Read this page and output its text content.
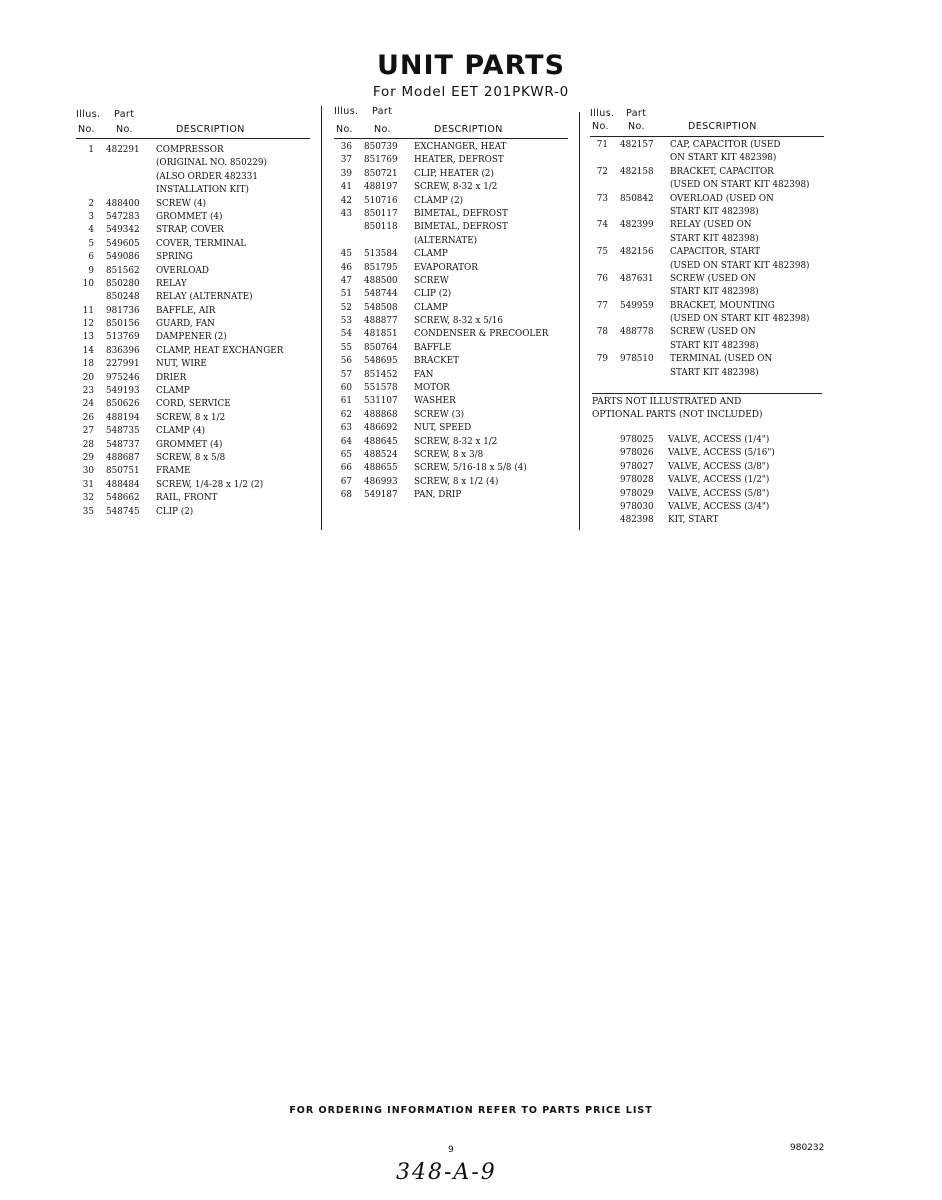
UNIT PARTS
For Model EET 201PKWR-0
Illus. Part
No. No.	DESCRIPTION
1 482291 COMPRESSOR
(ORIGINAL NO. 850229)
(ALSO ORDER 482331
INSTALLATION KIT)
2 488400 SCREW (4)
3 547283 GROMMET (4)
4 549342 STRAP, COVER
5 549605 COVER, TERMINAL
6 549086 SPRING
9 851562 OVERLOAD
10 850280 RELAY
850248 RELAY (ALTERNATE)
11 981736 BAFFLE, AIR
12 850156 GUARD, FAN
13 513769 DAMPENER (2)
14 836396 CLAMP, HEAT EXCHANGER
18 227991 NUT, WIRE
20 975246 DRIER
23 549193 CLAMP
24 850626 CORD, SERVICE
26 488194 SCREW, 8 x 1/2
27 548735 CLAMP (4)
28 548737 GROMMET (4)
29 488687 SCREW, 8 x 5/8
30 850751 FRAME
31 488484 SCREW, 1/4-28 x 1/2 (2)
32 548662 RAIL, FRONT
35 548745 CLIP (2)
Illus. Part
No. No.	DESCRIPTION
36 850739 EXCHANGER, HEAT
37 851769 HEATER, DEFROST
39 850721 CLIP, HEATER (2)
41 488197 SCREW, 8-32 x 1/2
42 510716 CLAMP (2)
43 850117 BIMETAL, DEFROST
850118 BIMETAL, DEFROST
(ALTERNATE)
45 513584 CLAMP
46 851795 EVAPORATOR
47 488500 SCREW
51 548744 CLIP (2)
52 548508 CLAMP
53 488877 SCREW, 8-32 x 5/16
54 481851 CONDENSER & PRECOOLER
55 850764 BAFFLE
56 548695 BRACKET
57 851452 FAN
60 551578 MOTOR
61 531107 WASHER
62 488868 SCREW (3)
63 486692 NUT, SPEED
64 488645 SCREW, 8-32 x 1/2
65 488524 SCREW, 8 x 3/8
66 488655 SCREW, 5/16-18 x 5/8 (4)
67 486993 SCREW, 8 x 1/2 (4)
68 549187 PAN, DRIP
Illus. Part
No. No.	DESCRIPTION
71 482157 CAP, CAPACITOR (USED
ON START KIT 482398)
72 482158 BRACKET, CAPACITOR
(USED ON START KIT 482398)
73 850842 OVERLOAD (USED ON
START KIT 482398)
74 482399 RELAY (USED ON
START KIT 482398)
75 482156 CAPACITOR, START
(USED ON START KIT 482398)
76 487631 SCREW (USED ON
START KIT 482398)
77 549959 BRACKET, MOUNTING
(USED ON START KIT 482398)
78 488778 SCREW (USED ON
START KIT 482398)
79 978510 TERMINAL (USED ON
START KIT 482398)
PARTS NOT ILLUSTRATED AND
OPTIONAL PARTS (NOT INCLUDED)
978025 VALVE, ACCESS (1/4")
978026 VALVE, ACCESS (5/16")
978027 VALVE, ACCESS (3/8")
978028 VALVE, ACCESS (1/2")
978029 VALVE, ACCESS (5/8")
978030 VALVE, ACCESS (3/4")
482398 KIT, START
FOR ORDERING INFORMATION REFER TO PARTS PRICE LIST
9	980232
348-A-9
